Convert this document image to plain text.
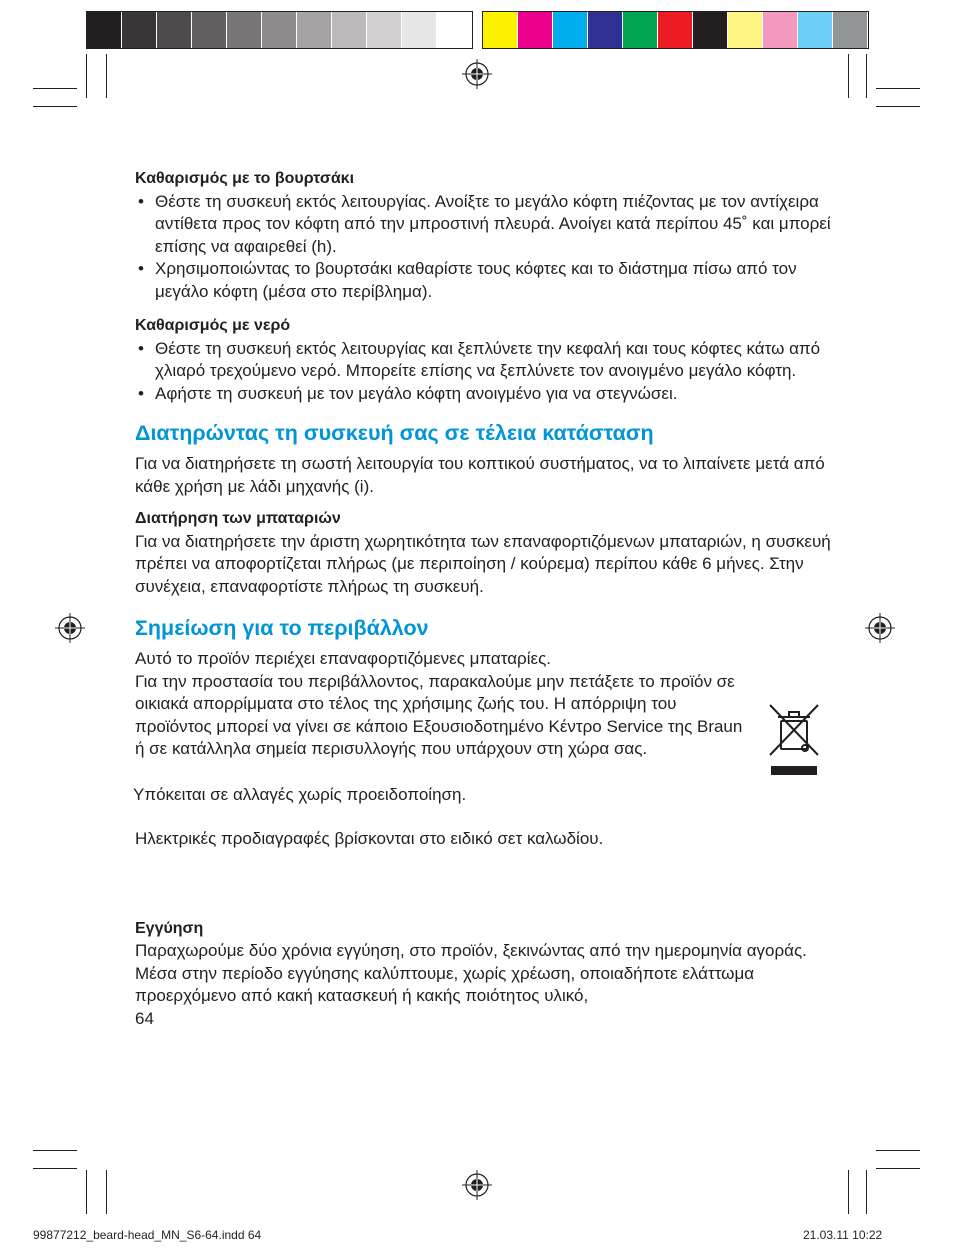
Καθαρισμός με το βουρτσάκι

• Θέστε τη συσκευή εκτός λειτουργίας. Ανοίξτε το μεγάλο κόφτη πιέζοντας με τον αντίχειρα αντίθετα προς τον κόφτη από την μπροστινή πλευρά. Ανοίγει κατά περίπου 45˚ και μπορεί επίσης να αφαιρεθεί (h).
• Χρησιμοποιώντας το βουρτσάκι καθαρίστε τους κόφτες και το διάστημα πίσω από τον μεγάλο κόφτη (μέσα στο περίβλημα).

Καθαρισμός με νερό

• Θέστε τη συσκευή εκτός λειτουργίας και ξεπλύνετε την κεφαλή και τους κόφτες κάτω από χλιαρό τρεχούμενο νερό. Μπορείτε επίσης να ξεπλύνετε τον ανοιγμένο μεγάλο κόφτη.
• Αφήστε τη συσκευή με τον μεγάλο κόφτη ανοιγμένο για να στεγνώσει.

Διατηρώντας τη συσκευή σας σε τέλεια κατάσταση

Για να διατηρήσετε τη σωστή λειτουργία του κοπτικού συστήματος, να το λιπαίνετε μετά από κάθε χρήση με λάδι μηχανής (i).

Διατήρηση των μπαταριών

Για να διατηρήσετε την άριστη χωρητικότητα των επαναφορτιζόμενων μπαταριών, η συσκευή πρέπει να αποφορτίζεται πλήρως (με περιποίηση / κούρεμα) περίπου κάθε 6 μήνες. Στην συνέχεια, επαναφορτίστε πλήρως τη συσκευή.

Σημείωση για το περιβάλλον

Αυτό το προϊόν περιέχει επαναφορτιζόμενες μπαταρίες.

Για την προστασία του περιβάλλοντος, παρακαλούμε μην πετάξετε το προϊόν σε οικιακά απορρίμματα στο τέλος της χρήσιμης ζωής του. Η απόρριψη του προϊόντος μπορεί να γίνει σε κάποιο Εξουσιοδοτημένο Κέντρο Service της Braun ή σε κατάλληλα σημεία περισυλλογής που υπάρχουν στη χώρα σας.

Υπόκειται σε αλλαγές χωρίς προειδοποίηση.

Ηλεκτρικές προδιαγραφές βρίσκονται στο ειδικό σετ καλωδίου.

Εγγύηση

Παραχωρούμε δύο χρόνια εγγύηση, στο προϊόν, ξεκινώντας από την ημερομηνία αγοράς.

Μέσα στην περίοδο εγγύησης καλύπτουμε, χωρίς χρέωση, οποιαδήποτε ελάττωμα προερχόμενο από κακή κατασκευή ή κακής ποιότητος υλικό,

64

99877212_beard-head_MN_S6-64.indd 64	21.03.11 10:22
